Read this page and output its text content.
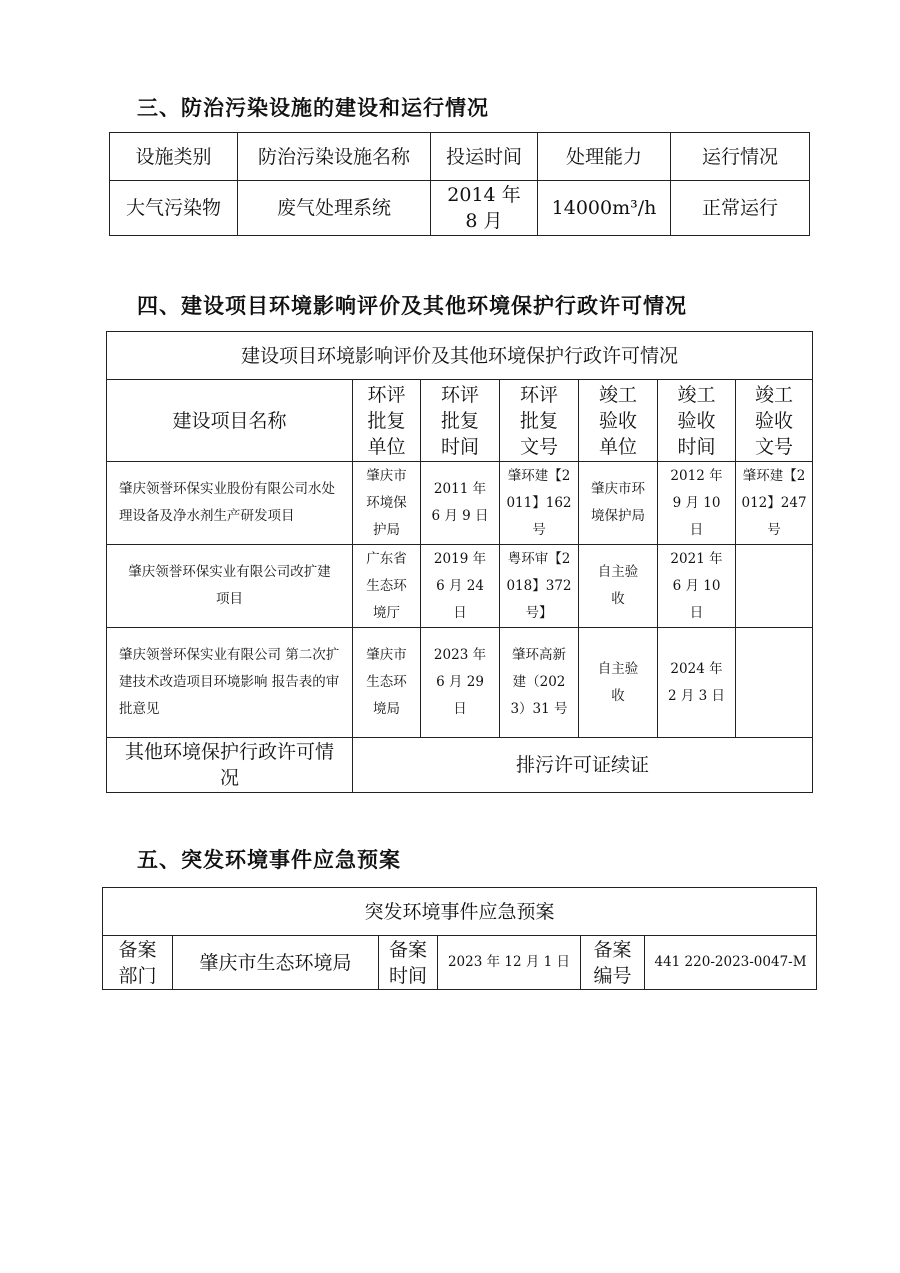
三、防治污染设施的建设和运行情况
设施类别	防治污染设施名称	投运时间	处理能力	运行情况
大气污染物	废气处理系统	2014 年 8 月	14000m³/h	正常运行
四、建设项目环境影响评价及其他环境保护行政许可情况
建设项目环境影响评价及其他环境保护行政许可情况						
建设项目名称	环评批复单位	环评批复时间	环评批复文号	竣工验收单位	竣工验收时间	竣工验收文号
肇庆领誉环保实业股份有限公司水处理设备及净水剂生产研发项目	肇庆市环境保护局	2011 年 6 月 9 日	肇环建【2011】162 号	肇庆市环境保护局	2012 年 9 月 10 日	肇环建【2012】247 号
肇庆领誉环保实业有限公司改扩建项目	广东省生态环境厅	2019 年 6 月 24 日	粤环审【2018】372 号】	自主验收	2021 年 6 月 10 日	
肇庆领誉环保实业有限公司 第二次扩建技术改造项目环境影响 报告表的审批意见	肇庆市生态环境局	2023 年 6 月 29 日	肇环高新建（2023）31 号	自主验收	2024 年 2 月 3 日	
其他环境保护行政许可情况	排污许可证续证					
五、突发环境事件应急预案
突发环境事件应急预案
备案部门	肇庆市生态环境局	备案时间	2023 年 12 月 1 日	备案编号	441 220-2023-0047-M
